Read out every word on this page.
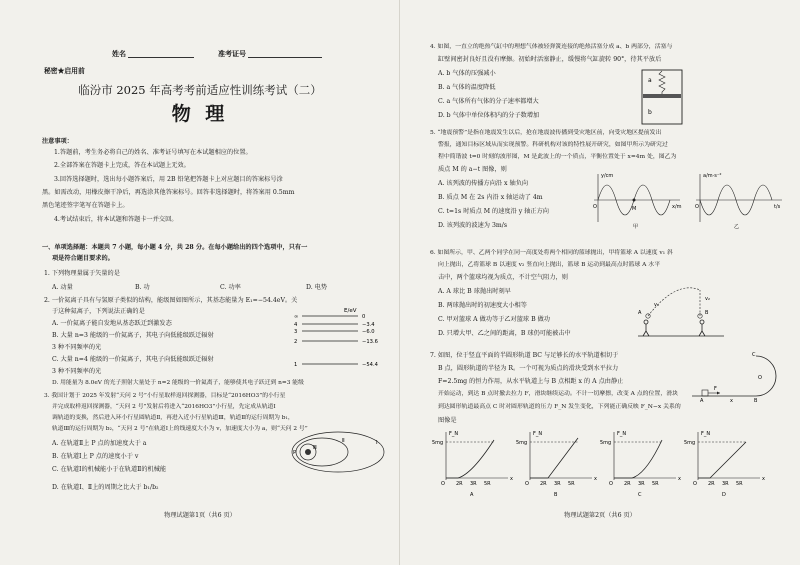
姓名	准考证号
秘密★启用前
临汾市 2025 年高考考前适应性训练考试（二）
物 理
注意事项：
1.答题前，考生务必将自己的姓名、准考证号填写在本试题相应的位置。
2.全部答案在答题卡上完成，答在本试题上无效。
3.回答选择题时，选出每小题答案后，用 2B 铅笔把答题卡上对应题目的答案标号涂
黑。如需改动，用橡皮擦干净后，再选涂其他答案标号。回答非选择题时，将答案用 0.5mm
黑色笔迹签字笔写在答题卡上。
4.考试结束后，将本试题和答题卡一并交回。
一、单项选择题：本题共 7 小题，每小题 4 分，共 28 分。在每小题给出的四个选项中，只有一
项是符合题目要求的。
1. 下列物理量属于矢量的是
A. 动量	B. 功	C. 功率	D. 电势
2. 一价氦离子具有与氢原子类似的结构，能级图如图所示，其基态能量为 E₁=−54.4eV。关
于这种氦离子，下列说法正确的是
A. 一价氦离子能自发地从基态跃迁到激发态
B. 大量 n=3 能级的一价氦离子，其电子向低能级跃迁辐射
3 种不同频率的光
C. 大量 n=4 能级的一价氦离子，其电子向低能级跃迁辐射
3 种不同频率的光
D. 用能量为 8.0eV 的光子照射大量处于 n=2 能级的一价氦离子，能够使其电子跃迁到 n=3 能级
E/eV
∞	0
4	−3.4
3	−6.0
2	−13.6
1	−54.4
3. 我国计划于 2025 年发射“天问 2 号”小行星取样返回探测器，目标是“2016HO3”的小行星
并完成取样返回探测器，“天问 2 号”发射后将进入“2016HO3”小行星，先定成从轨道Ⅰ
调轨道的变换，然后进入环小行星圆轨道Ⅱ，再进入近小行星轨道Ⅲ，轨道Ⅱ的运行周期为 b₁，
轨道Ⅲ的运行周期为 b₂，“天问 2 号”在轨道Ⅰ上的线速度大小为 v，加速度大小为 a，则“天问 2 号”
A. 在轨道Ⅱ上 P 点的加速度大于 a
B. 在轨道Ⅰ上 P 点的速度小于 v
C. 在轨道Ⅰ的机械能小于在轨道Ⅱ的机械能
D. 在轨道Ⅰ、Ⅱ上的周期之比大于 b₁/b₂
P
Ⅰ
Ⅱ
Ⅲ
物理试题第1页（共6 页）
4. 如图，一直立的绝热气缸中的理想气体被轻弹簧连接的绝热活塞分成 a、b 两部分，活塞与
缸壁间密封良好且没有摩擦。初始时活塞静止，缓慢将气缸旋转 90°，待其平放后
A. b 气体的压强减小
B. a 气体的温度降低
C. a 气体所有气体的分子速率都增大
D. b 气体中单位体积内的分子数增加
a
b
5. “地震预警”是指在地震发生以后，抢在地震波传播到受灾地区前，向受灾地区提前发出
警报，通知目标区域从而实现预警。科研机构对该的特性展开研究，如图甲所示为研究过
程中简谐波 t=0 时刻的波形图，M 是此波上的一个质点，平衡位置处于 x=4m 处，图乙为
质点 M 的 a−t 图像，则
A. 该列波的传播方向沿 x 轴负向
B. 质点 M 在 2s 内沿 x 轴运动了 4m
C. t=1s 时质点 M 的速度沿 y 轴正方向
D. 该列波的波速为 3m/s
y/cm
x/m
M
O
甲
a/m·s⁻²
t/s
O
乙
6. 如图所示，甲、乙两个同学在同一高度处将两个相同的篮球抛出，甲将篮球 A 以速度 v₁ 斜
向上抛出，乙将篮球 B 以速度 v₂ 竖直向上抛出，篮球 B 运动到最高点时篮球 A 水平
击中，两个篮球均视为质点，不计空气阻力，则
A. A 球比 B 球抛出时刻早
B. 两球抛出时的初速度大小相等
C. 甲对篮球 A 做功等于乙对篮球 B 做功
D. 只增大甲、乙之间的距离，B 球仍可能被击中
A	B
v₁
v₂
7. 如图，位于竖直平面的半圆形轨道 BC 与足够长的水平轨道相切于
B 点，圆形轨道的半径为 R。一个可视为质点的滑块受到水平拉力
F=2.5mg 的恒力作用，从水平轨道上与 B 点相距 x 的 A 点由静止
开始运动，到达 B 点时撤去拉力 F，滑块继续运动。不计一切摩擦，改变 A 点的位置，滑块
到达圆形轨道最高点 C 时对圆形轨道的压力 F_N 发生变化，下列能正确反映 F_N−x 关系的
图像是
A	B
C
F
O
x
F_N
5mg
O
x
2R 3R 5R
A
F_N
5mg
O
x
2R 3R 5R
B
F_N
5mg
O
x
2R 3R 5R
C
F_N
5mg
O
x
2R 3R 5R
D
物理试题第2页（共6 页）
